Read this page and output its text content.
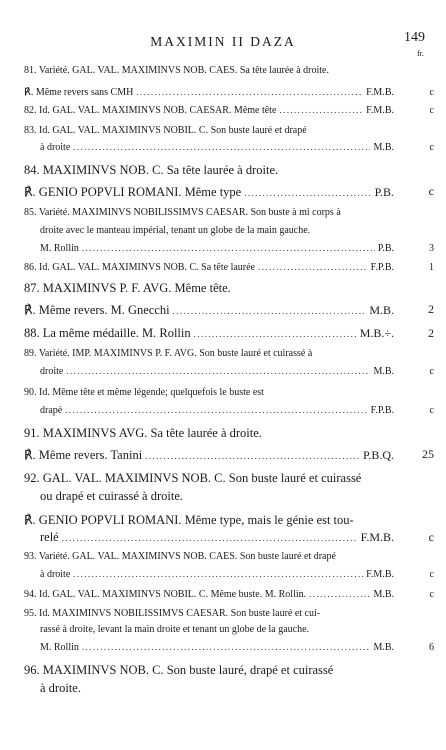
MAXIMIN II DAZA	149
fr.
81. Variété. GAL. VAL. MAXIMINVS NOB. CAES. Sa tête laurée à droite.
℟. Même revers sans CMH .....	F.M.B.	c
82. Id. GAL. VAL. MAXIMINVS NOB. CAESAR. Même tête .....	F.M.B.	c
83. Id. GAL. VAL. MAXIMINVS NOBIL. C. Son buste lauré et drapé
à droite .....	M.B.	c
84. MAXIMINVS NOB. C. Sa tête laurée à droite.
℟. GENIO POPVLI ROMANI. Même type .....	P.B.	c
85. Variété. MAXIMINVS NOBILISSIMVS CAESAR. Son buste à mi corps à
droite avec le manteau impérial, tenant un globe de la main gauche.
M. Rollin .....	P.B.	3
86. Id. GAL. VAL. MAXIMINVS NOB. C. Sa tête laurée .....	F.P.B.	1
87. MAXIMINVS P. F. AVG. Même tête.
℟. Même revers. M. Gnecchi .....	M.B.	2
88. La même médaille. M. Rollin .....	M.B.÷.	2
89. Variété. IMP. MAXIMINVS P. F. AVG. Son buste lauré et cuirassé à
droite .....	M.B.	c
90. Id. Même tête et même légende; quelquefois le buste est
drapé .....	F.P.B.	c
91. MAXIMINVS AVG. Sa tête laurée à droite.
℟. Même revers. Tanini .....	P.B.Q.	25
92. GAL. VAL. MAXIMINVS NOB. C. Son buste lauré et cuirassé
ou drapé et cuirassé à droite.
℟. GENIO POPVLI ROMANI. Même type, mais le génie est tou-
relé .....	F.M.B.	c
93. Variété. GAL. VAL. MAXIMINVS NOB. CAES. Son buste lauré et drapé
à droite .....	F.M.B.	c
94. Id. GAL. VAL. MAXIMINVS NOBIL. C. Même buste. M. Rollin. .....	M.B.	c
95. Id. MAXIMINVS NOBILISSIMVS CAESAR. Son buste lauré et cui-
rassé à droite, levant la main droite et tenant un globe de la gauche.
M. Rollin .....	M.B.	6
96. MAXIMINVS NOB. C. Son buste lauré, drapé et cuirassé
à droite.
